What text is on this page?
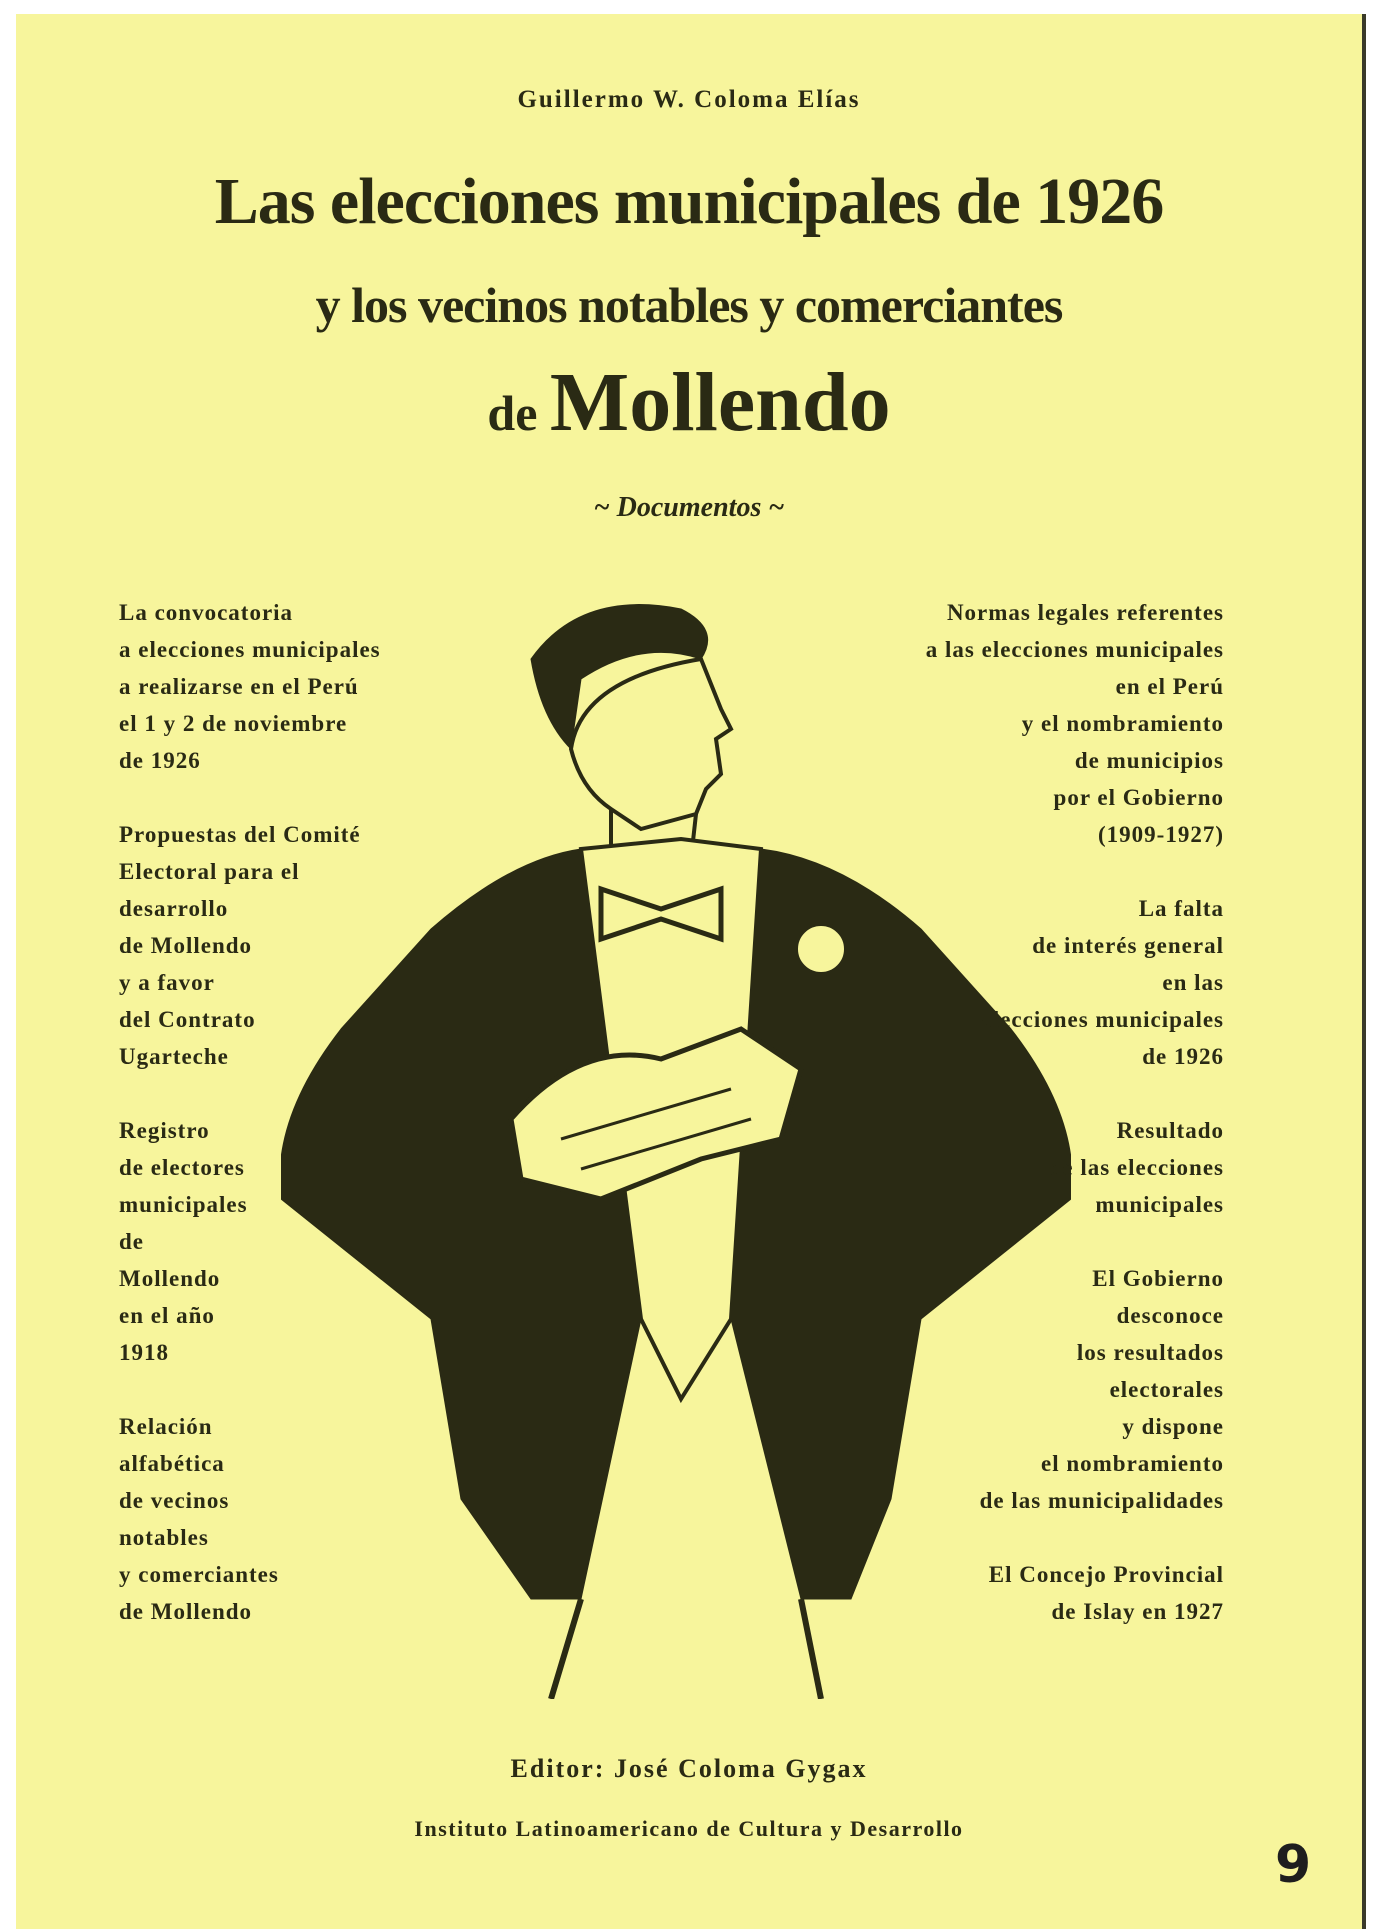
Guillermo W. Coloma Elías
Las elecciones municipales de 1926
y los vecinos notables y comerciantes
de Mollendo
~ Documentos ~
La convocatoria
a elecciones municipales
a realizarse en el Perú
el 1 y 2 de noviembre
de 1926
Propuestas del Comité
Electoral para el
desarrollo
de Mollendo
y a favor
del Contrato
Ugarteche
Registro
de electores
municipales
de
Mollendo
en el año
1918
Relación
alfabética
de vecinos
notables
y comerciantes
de Mollendo
Normas legales referentes
a las elecciones municipales
en el Perú
y el nombramiento
de municipios
por el Gobierno
(1909-1927)
La falta
de interés general
en las
elecciones municipales
de 1926
Resultado
de las elecciones
municipales
El Gobierno
desconoce
los resultados
electorales
y dispone
el nombramiento
de las municipalidades
El Concejo Provincial
de Islay en 1927
Editor: José Coloma Gygax
Instituto Latinoamericano de Cultura y Desarrollo
9
